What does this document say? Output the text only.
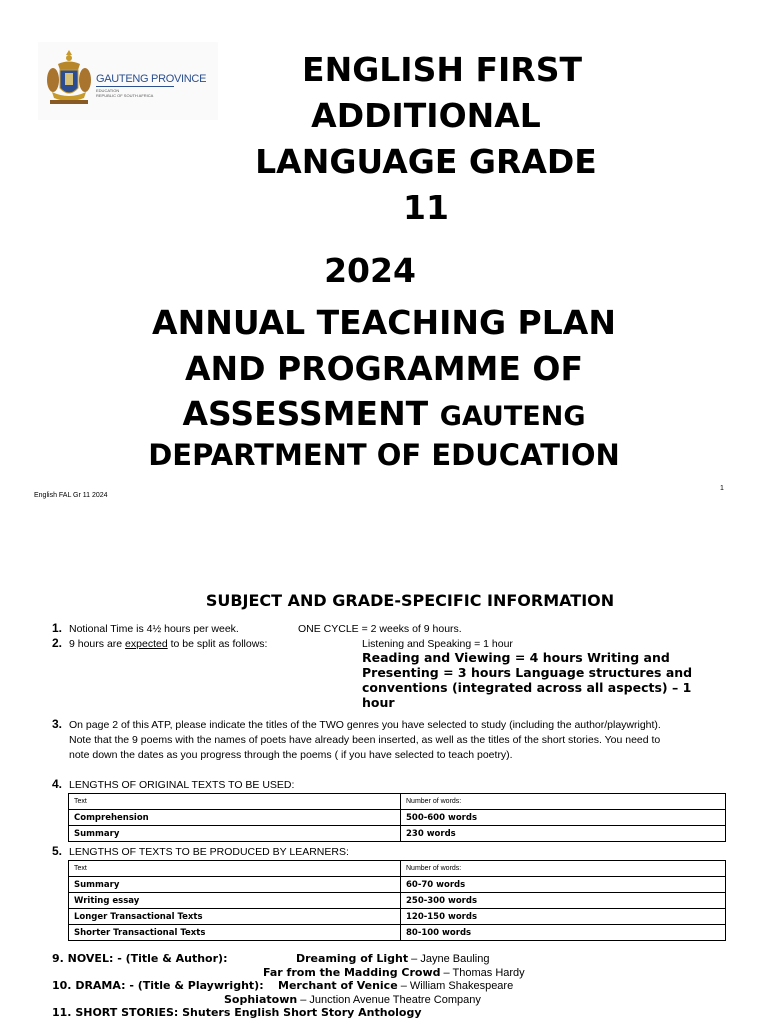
GAUTENG PROVINCE
EDUCATION
REPUBLIC OF SOUTH AFRICA
ENGLISH FIRST
ADDITIONAL
LANGUAGE GRADE
11
2024
ANNUAL TEACHING PLAN
AND PROGRAMME OF
ASSESSMENT GAUTENG
DEPARTMENT OF EDUCATION
English FAL Gr 11 2024
1
SUBJECT AND GRADE-SPECIFIC INFORMATION
1. Notional Time is 4½ hours per week.	ONE CYCLE = 2 weeks of 9 hours.
2. 9 hours are expected to be split as follows:	Listening and Speaking = 1 hour
Reading and Viewing = 4 hours Writing and Presenting = 3 hours Language structures and conventions (integrated across all aspects) – 1 hour
3. On page 2 of this ATP, please indicate the titles of the TWO genres you have selected to study (including the author/playwright). Note that the 9 poems with the names of poets have already been inserted, as well as the titles of the short stories. You need to note down the dates as you progress through the poems ( if you have selected to teach poetry).
4. LENGTHS OF ORIGINAL TEXTS TO BE USED:
Text	Number of words:
Comprehension	500-600 words
Summary	230 words
5. LENGTHS OF TEXTS TO BE PRODUCED BY LEARNERS:
Text	Number of words:
Summary	60-70 words
Writing essay	250-300 words
Longer Transactional Texts	120-150 words
Shorter Transactional Texts	80-100 words
9. NOVEL: - (Title & Author):	Dreaming of Light – Jayne Bauling
Far from the Madding Crowd – Thomas Hardy
10. DRAMA: - (Title & Playwright): Merchant of Venice – William Shakespeare
Sophiatown – Junction Avenue Theatre Company
11. SHORT STORIES: Shuters English Short Story Anthology
